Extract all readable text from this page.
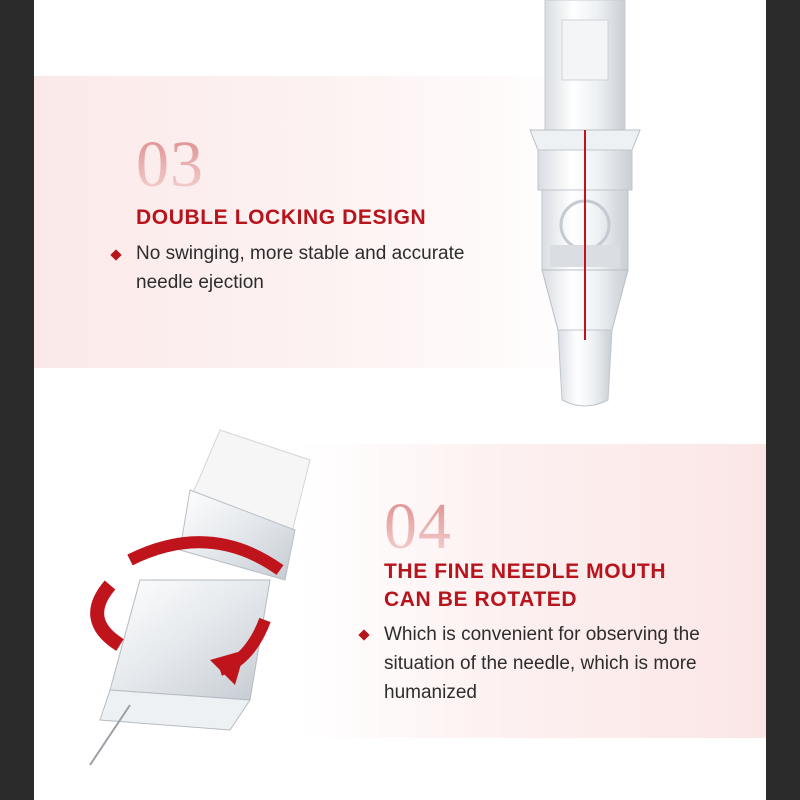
03
DOUBLE LOCKING DESIGN
No swinging, more stable and accurate needle ejection
04
THE FINE NEEDLE MOUTH
CAN BE ROTATED
Which is convenient for observing the situation of the needle, which is more humanized
